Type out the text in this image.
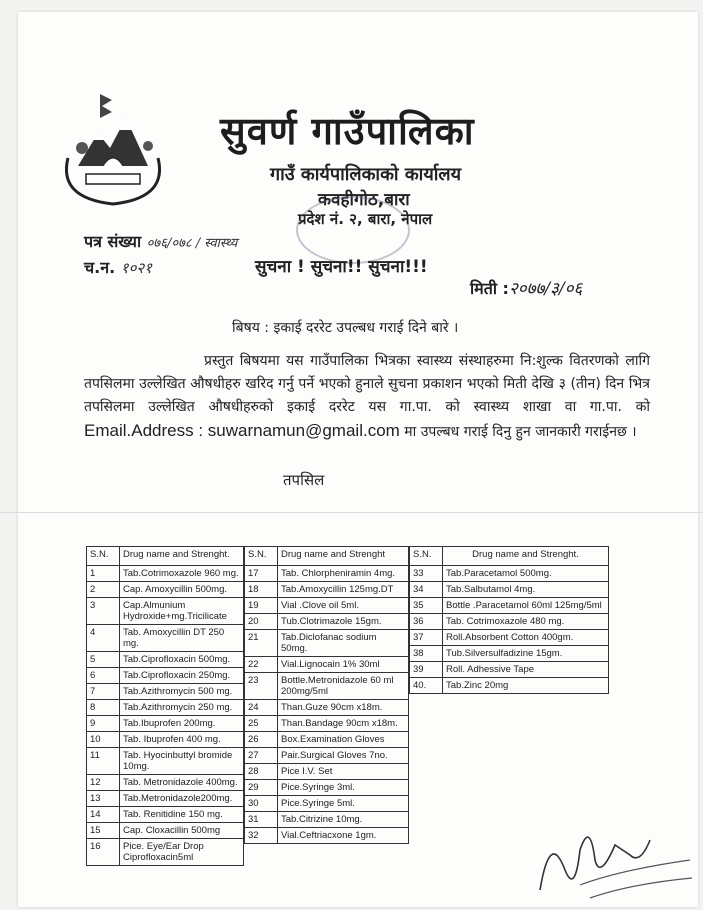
सुवर्ण गाउँपालिका
गाउँ कार्यपालिकाको कार्यालय
कवहीगोठ,बारा
प्रदेश नं. २, बारा, नेपाल
पत्र संख्या ०७६/०७८ / स्वास्थ्य
च.न. १०२१	सुचना ! सुचना!! सुचना!!!
मिती :२०७७/३/०६
बिषय : इकाई दररेट उपल्बध गराई दिने बारे ।

प्रस्तुत बिषयमा यस गाउँपालिका भित्रका स्वास्थ्य संस्थाहरुमा नि:शुल्क वितरणको लागि तपसिलमा उल्लेखित औषधीहरु खरिद गर्नु पर्ने भएको हुनाले सुचना प्रकाशन भएको मिती देखि ३ (तीन) दिन भित्र तपसिलमा उल्लेखित औषधीहरुको इकाई दररेट यस गा.पा. को स्वास्थ्य शाखा वा गा.पा. को Email.Address : suwarnamun@gmail.com मा उपल्बध गराई दिनु हुन जानकारी गराईनछ ।

तपसिल
S.N.	Drug name and Strenght.
1	Tab.Cotrimoxazole 960 mg.
2	Cap. Amoxycillin 500mg.
3	Cap.Almunium Hydroxide+mg.Tricilicate
4	Tab. Amoxycillin DT 250 mg.
5	Tab.Ciprofloxacin 500mg.
6	Tab.Ciprofloxacin 250mg.
7	Tab.Azithromycin 500 mg.
8	Tab.Azithromycin 250 mg.
9	Tab.Ibuprofen 200mg.
10	Tab. Ibuprofen 400 mg.
11	Tab. Hyocinbuttyl bromide 10mg.
12	Tab. Metronidazole 400mg.
13	Tab.Metronidazole200mg.
14	Tab. Renitidine 150 mg.
15	Cap. Cloxacillin 500mg
16	Pice. Eye/Ear Drop Ciprofloxacin5ml
S.N.	Drug name and Strenght
17	Tab. Chlorpheniramin 4mg.
18	Tab.Amoxycillin 125mg.DT
19	Vial .Clove oil 5ml.
20	Tub.Clotrimazole 15gm.
21	Tab.Diclofanac sodium 50mg.
22	Vial.Lignocain 1% 30ml
23	Bottle.Metronidazole 60 ml 200mg/5ml
24	Than.Guze 90cm x18m.
25	Than.Bandage 90cm x18m.
26	Box.Examination Gloves
27	Pair.Surgical Gloves 7no.
28	Pice I.V. Set
29	Pice.Syringe 3ml.
30	Pice.Syringe 5ml.
31	Tab.Citrizine 10mg.
32	Vial.Ceftriacxone 1gm.
S.N.	Drug name and Strenght.
33	Tab.Paracetamol 500mg.
34	Tab.Salbutamol 4mg.
35	Bottle .Paracetamol 60ml 125mg/5ml
36	Tab. Cotrimoxazole 480 mg.
37	Roll.Absorbent Cotton 400gm.
38	Tub.Silversulfadizine 15gm.
39	Roll. Adhessive Tape
40.	Tab.Zinc 20mg
